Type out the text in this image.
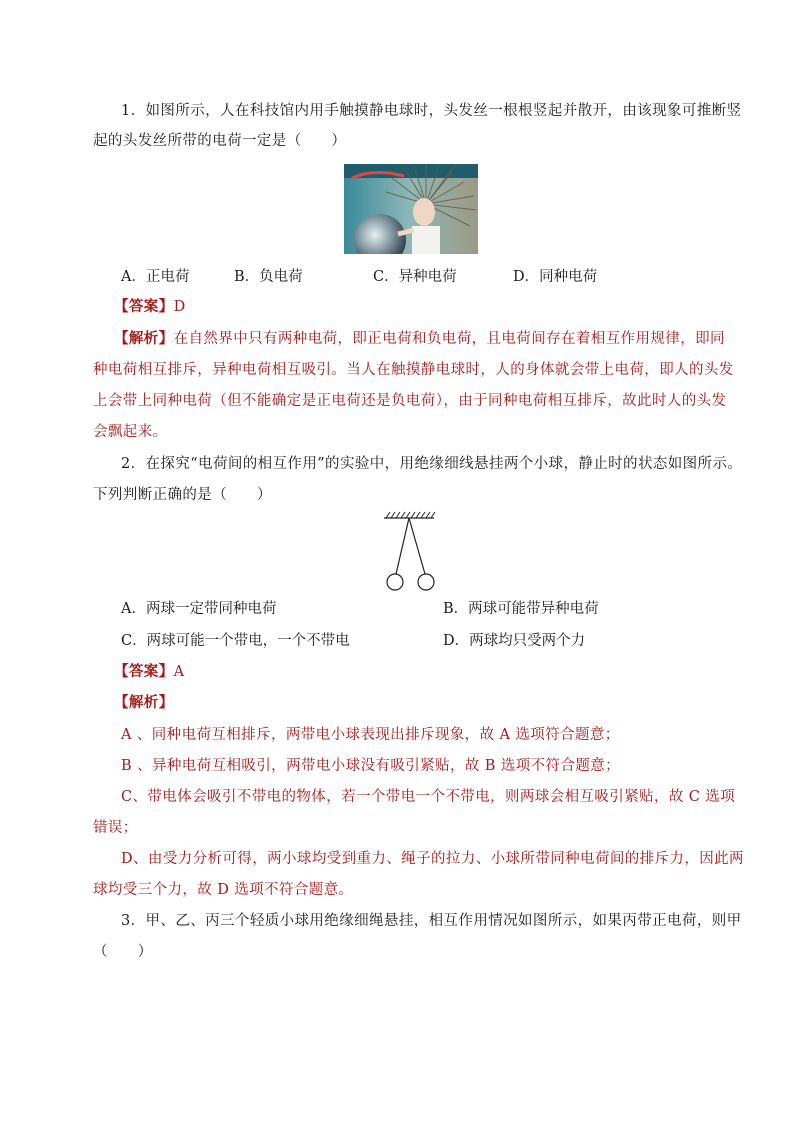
1．如图所示，人在科技馆内用手触摸静电球时，头发丝一根根竖起并散开，由该现象可推断竖
起的头发丝所带的电荷一定是（　　）
A．正电荷	B．负电荷	C．异种电荷	D．同种电荷
【答案】D
【解析】在自然界中只有两种电荷，即正电荷和负电荷，且电荷间存在着相互作用规律，即同
种电荷相互排斥，异种电荷相互吸引。当人在触摸静电球时，人的身体就会带上电荷，即人的头发
上会带上同种电荷（但不能确定是正电荷还是负电荷），由于同种电荷相互排斥，故此时人的头发
会飘起来。
2．在探究“电荷间的相互作用”的实验中，用绝缘细线悬挂两个小球，静止时的状态如图所示。
下列判断正确的是（　　）
A．两球一定带同种电荷	B．两球可能带异种电荷
C．两球可能一个带电，一个不带电	D．两球均只受两个力
【答案】A
【解析】
A 、同种电荷互相排斥，两带电小球表现出排斥现象，故 A 选项符合题意；
B 、异种电荷互相吸引，两带电小球没有吸引紧贴，故 B 选项不符合题意；
C、带电体会吸引不带电的物体，若一个带电一个不带电，则两球会相互吸引紧贴，故 C 选项
错误；
D、由受力分析可得，两小球均受到重力、绳子的拉力、小球所带同种电荷间的排斥力，因此两
球均受三个力，故 D 选项不符合题意。
3．甲、乙、丙三个轻质小球用绝缘细绳悬挂，相互作用情况如图所示，如果丙带正电荷，则甲
（　　）
